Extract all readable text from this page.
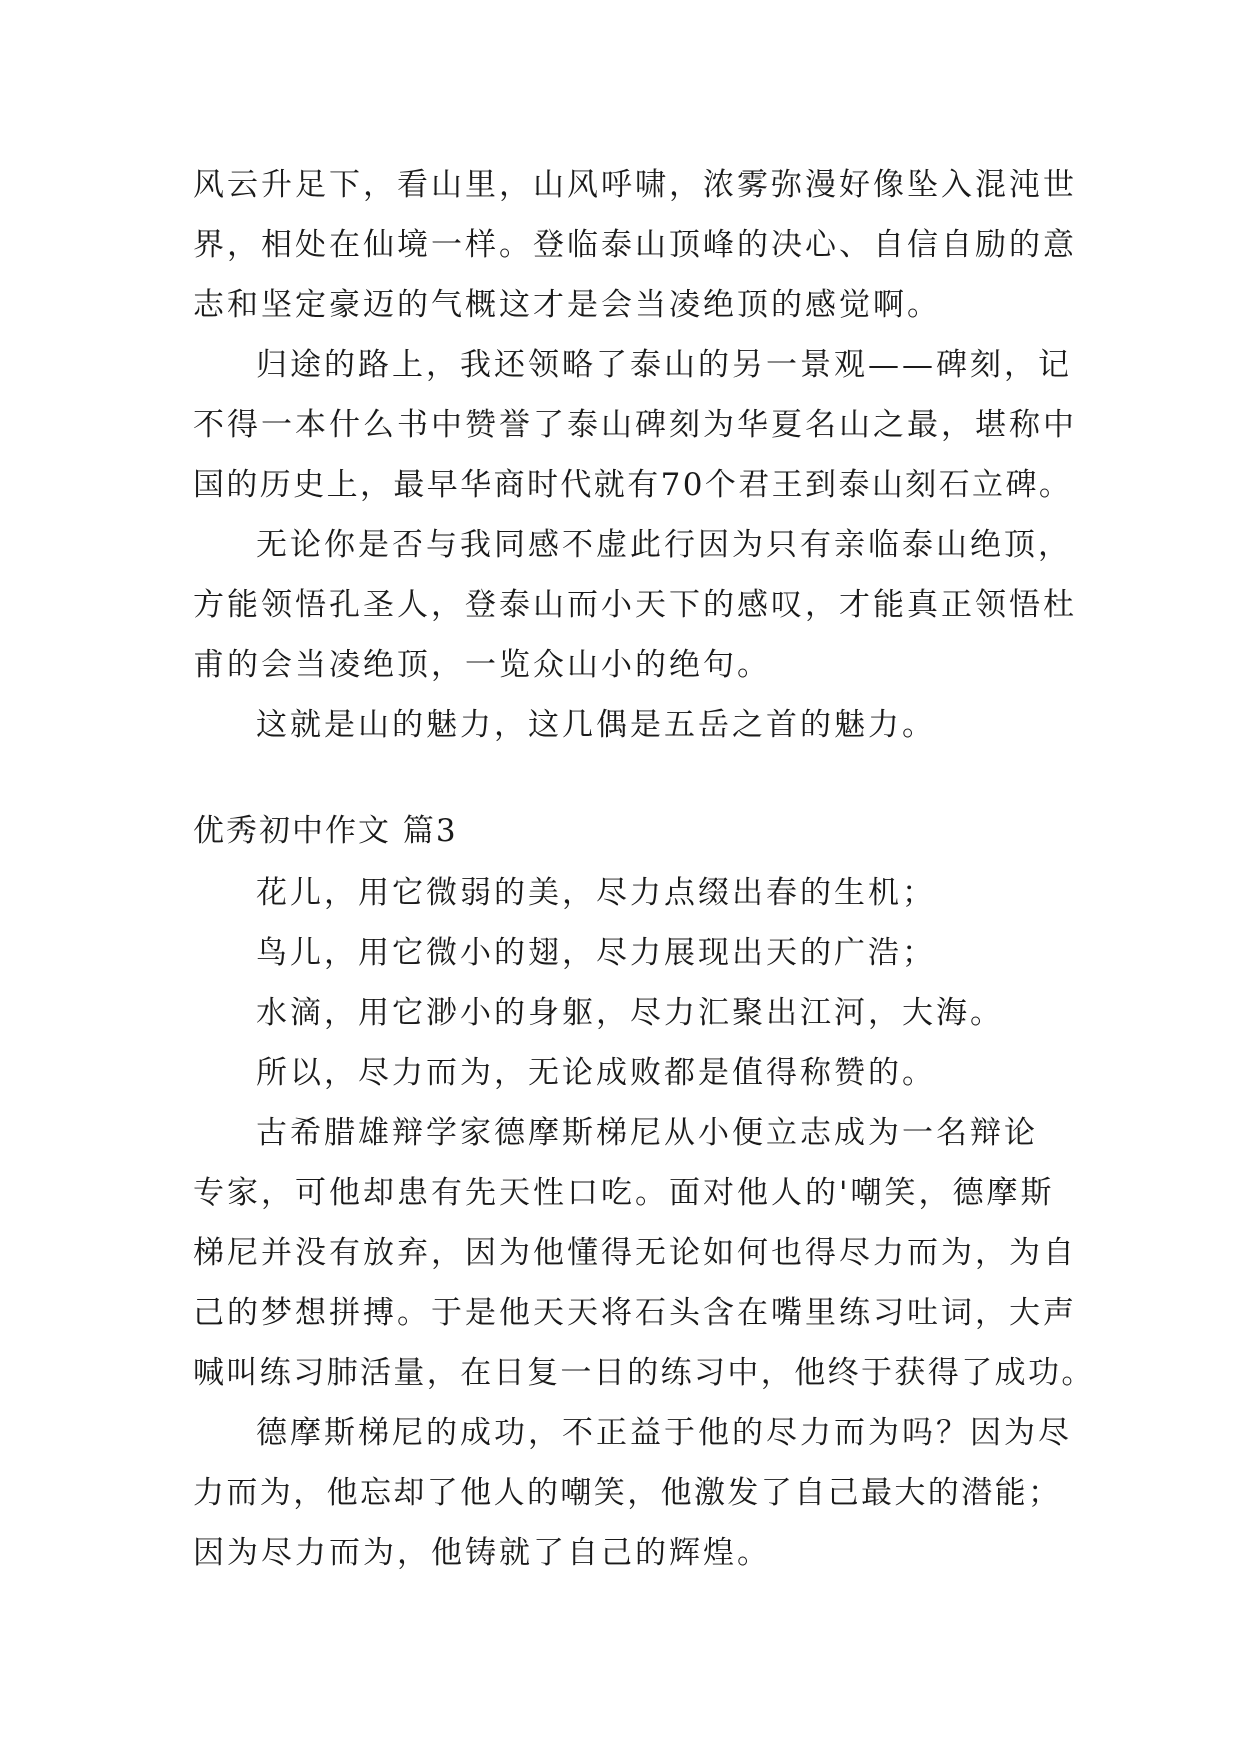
风云升足下，看山里，山风呼啸，浓雾弥漫好像坠入混沌世
界，相处在仙境一样。登临泰山顶峰的决心、自信自励的意
志和坚定豪迈的气概这才是会当凌绝顶的感觉啊。
归途的路上，我还领略了泰山的另一景观——碑刻，记
不得一本什么书中赞誉了泰山碑刻为华夏名山之最，堪称中
国的历史上，最早华商时代就有70个君王到泰山刻石立碑。
无论你是否与我同感不虚此行因为只有亲临泰山绝顶，
方能领悟孔圣人，登泰山而小天下的感叹，才能真正领悟杜
甫的会当凌绝顶，一览众山小的绝句。
这就是山的魅力，这几偶是五岳之首的魅力。
优秀初中作文 篇3
花儿，用它微弱的美，尽力点缀出春的生机；
鸟儿，用它微小的翅，尽力展现出天的广浩；
水滴，用它渺小的身躯，尽力汇聚出江河，大海。
所以，尽力而为，无论成败都是值得称赞的。
古希腊雄辩学家德摩斯梯尼从小便立志成为一名辩论
专家，可他却患有先天性口吃。面对他人的'嘲笑，德摩斯
梯尼并没有放弃，因为他懂得无论如何也得尽力而为，为自
己的梦想拼搏。于是他天天将石头含在嘴里练习吐词，大声
喊叫练习肺活量，在日复一日的练习中，他终于获得了成功。
德摩斯梯尼的成功，不正益于他的尽力而为吗？因为尽
力而为，他忘却了他人的嘲笑，他激发了自己最大的潜能；
因为尽力而为，他铸就了自己的辉煌。
